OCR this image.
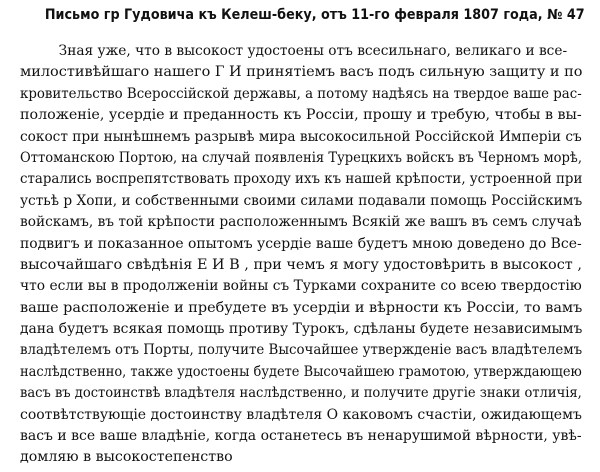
Письмо гр Гудовича къ Келеш-беку, отъ 11-го февраля 1807 года, № 47
Зная уже, что в высокост удостоены отъ всесильнаго, великаго и все-
милостивѣйшаго нашего Г И принятіемъ васъ подъ сильную защиту и по
кровительство Всероссійской державы, а потому надѣясь на твердое ваше рас-
положеніе, усердіе и преданность къ Россіи, прошу и требую, чтобы в вы-
сокост при нынѣшнемъ разрывѣ мира высокосильной Россійской Имперіи съ
Оттоманскою Портою, на случай появленія Турецкихъ войскъ въ Черномъ морѣ,
старались воспрепятствовать проходу ихъ къ нашей крѣпости, устроенной при
устьѣ р Хопи, и собственными своими силами подавали помощь Россійскимъ
войскамъ, въ той крѣпости расположеннымъ Всякій же вашъ въ семъ случаѣ
подвигъ и показанное опытомъ усердіе ваше будетъ мною доведено до Все-
высочайшаго свѣдѣнія Е И В , при чемъ я могу удостовѣрить в высокост ,
что если вы в продолженіи войны съ Турками сохраните со всею твердостію
ваше расположеніе и пребудете въ усердіи и вѣрности къ Россіи, то вамъ
дана будетъ всякая помощь противу Турокъ, сдѣланы будете независимымъ
владѣтелемъ отъ Порты, получите Высочайшее утвержденіе васъ владѣтелемъ
наслѣдственно, также удостоены будете Высочайшею грамотою, утверждающею
васъ въ достоинствѣ владѣтеля наслѣдственно, и получите другіе знаки отличія,
соотвѣтствующіе достоинству владѣтеля О каковомъ счастіи, ожидающемъ
васъ и все ваше владѣніе, когда останетесь въ ненарушимой вѣрности, увѣ-
домляю в высокостепенство
